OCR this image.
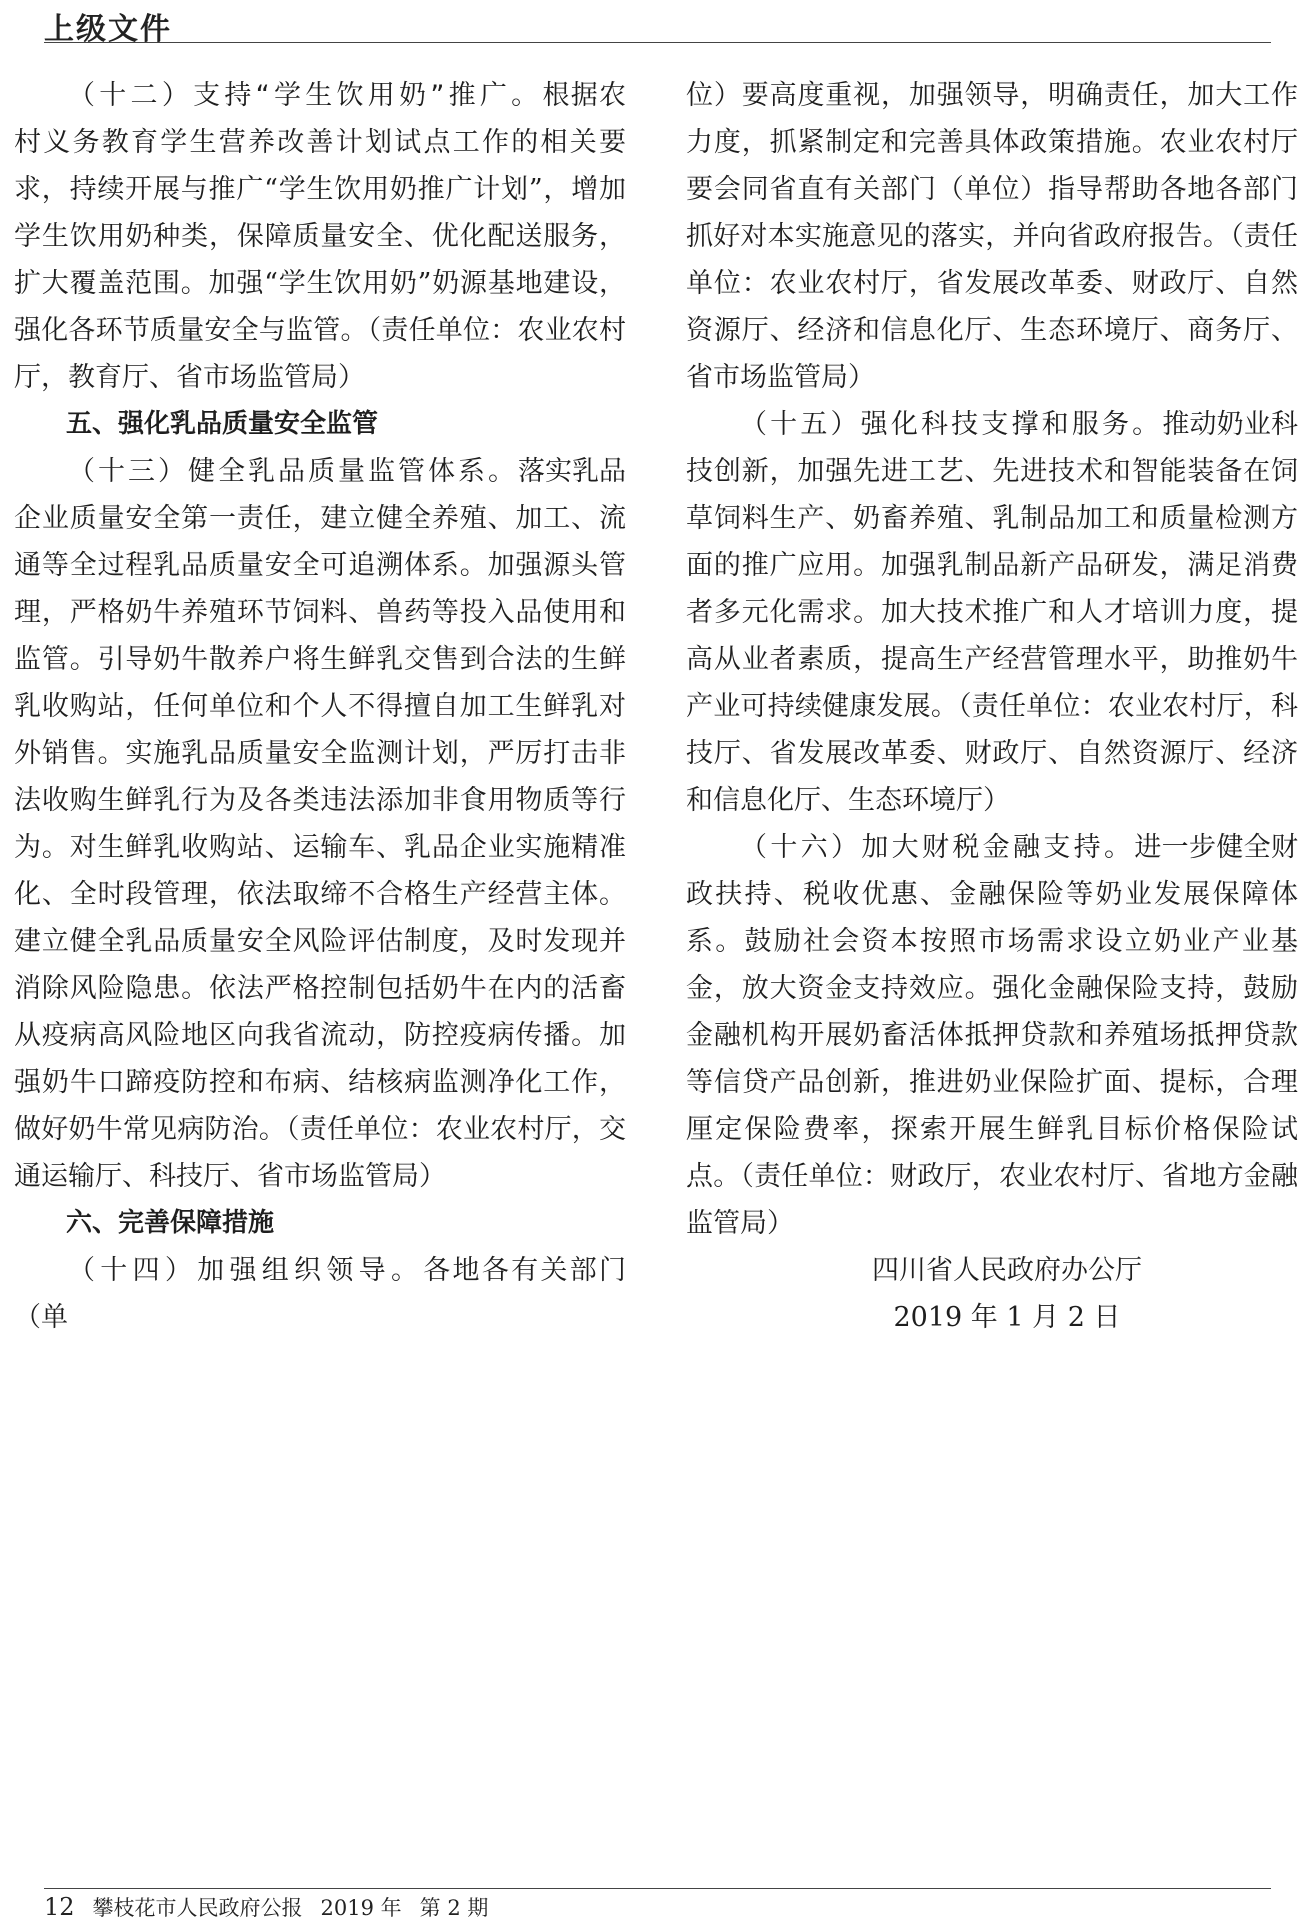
上级文件

（十二）支持“学生饮用奶”推广。根据农村义务教育学生营养改善计划试点工作的相关要求，持续开展与推广“学生饮用奶推广计划”，增加学生饮用奶种类，保障质量安全、优化配送服务，扩大覆盖范围。加强“学生饮用奶”奶源基地建设，强化各环节质量安全与监管。（责任单位：农业农村厅，教育厅、省市场监管局）

五、强化乳品质量安全监管

（十三）健全乳品质量监管体系。落实乳品企业质量安全第一责任，建立健全养殖、加工、流通等全过程乳品质量安全可追溯体系。加强源头管理，严格奶牛养殖环节饲料、兽药等投入品使用和监管。引导奶牛散养户将生鲜乳交售到合法的生鲜乳收购站，任何单位和个人不得擅自加工生鲜乳对外销售。实施乳品质量安全监测计划，严厉打击非法收购生鲜乳行为及各类违法添加非食用物质等行为。对生鲜乳收购站、运输车、乳品企业实施精准化、全时段管理，依法取缔不合格生产经营主体。建立健全乳品质量安全风险评估制度，及时发现并消除风险隐患。依法严格控制包括奶牛在内的活畜从疫病高风险地区向我省流动，防控疫病传播。加强奶牛口蹄疫防控和布病、结核病监测净化工作，做好奶牛常见病防治。（责任单位：农业农村厅，交通运输厅、科技厅、省市场监管局）

六、完善保障措施

（十四）加强组织领导。各地各有关部门（单

位）要高度重视，加强领导，明确责任，加大工作力度，抓紧制定和完善具体政策措施。农业农村厅要会同省直有关部门（单位）指导帮助各地各部门抓好对本实施意见的落实，并向省政府报告。（责任单位：农业农村厅，省发展改革委、财政厅、自然资源厅、经济和信息化厅、生态环境厅、商务厅、省市场监管局）

（十五）强化科技支撑和服务。推动奶业科技创新，加强先进工艺、先进技术和智能装备在饲草饲料生产、奶畜养殖、乳制品加工和质量检测方面的推广应用。加强乳制品新产品研发，满足消费者多元化需求。加大技术推广和人才培训力度，提高从业者素质，提高生产经营管理水平，助推奶牛产业可持续健康发展。（责任单位：农业农村厅，科技厅、省发展改革委、财政厅、自然资源厅、经济和信息化厅、生态环境厅）

（十六）加大财税金融支持。进一步健全财政扶持、税收优惠、金融保险等奶业发展保障体系。鼓励社会资本按照市场需求设立奶业产业基金，放大资金支持效应。强化金融保险支持，鼓励金融机构开展奶畜活体抵押贷款和养殖场抵押贷款等信贷产品创新，推进奶业保险扩面、提标，合理厘定保险费率，探索开展生鲜乳目标价格保险试点。（责任单位：财政厅，农业农村厅、省地方金融监管局）

四川省人民政府办公厅

2019 年 1 月 2 日

12 攀枝花市人民政府公报 2019 年 第 2 期
